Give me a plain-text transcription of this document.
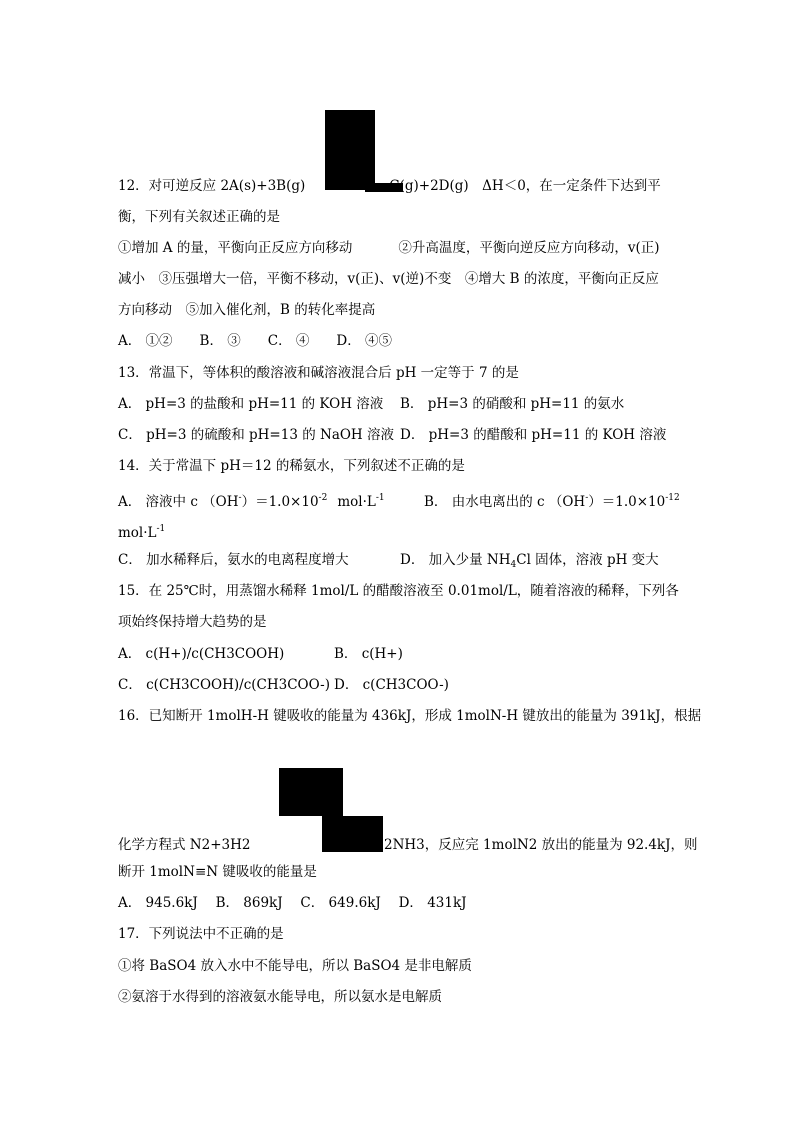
12．对可逆反应 2A(s)+3B(g)	C(g)+2D(g)　ΔH＜0，在一定条件下达到平
衡，下列有关叙述正确的是
①增加 A 的量，平衡向正反应方向移动	②升高温度，平衡向逆反应方向移动，v(正)
减小　③压强增大一倍，平衡不移动，v(正)、v(逆)不变　④增大 B 的浓度，平衡向正反应
方向移动　⑤加入催化剂，B 的转化率提高
A． ①②　　B． ③　　C． ④　　D． ④⑤
13．常温下，等体积的酸溶液和碱溶液混合后 pH 一定等于 7 的是
A． pH=3 的盐酸和 pH=11 的 KOH 溶液 B． pH=3 的硝酸和 pH=11 的氨水
C． pH=3 的硫酸和 pH=13 的 NaOH 溶液 D． pH=3 的醋酸和 pH=11 的 KOH 溶液
14．关于常温下 pH＝12 的稀氨水，下列叙述不正确的是
A． 溶液中 c $(OH^-)=1.0\times 10^{-2}$ $mol\cdot L^{-1}$	B． 由水电离出的 c $(OH^-)=1.0\times 10^{-12}$
$mol\cdot L^{-1}$
C． 加水稀释后，氨水的电离程度增大	D． 加入少量 $NH_4Cl$ 固体，溶液 pH 变大
15．在 25℃时，用蒸馏水稀释 1mol/L 的醋酸溶液至 0.01mol/L，随着溶液的稀释，下列各
项始终保持增大趋势的是
A． c(H+)/c(CH3COOH)	B． c(H+)
C． c(CH3COOH)/c(CH3COO-) D． c(CH3COO-)
16．已知断开 1molH-H 键吸收的能量为 436kJ，形成 1molN-H 键放出的能量为 391kJ，根据
化学方程式 N2+3H2	2NH3，反应完 1molN2 放出的能量为 92.4kJ，则
断开 1molN≡N 键吸收的能量是
A． 945.6kJ　 B． 869kJ　 C． 649.6kJ　 D． 431kJ
17．下列说法中不正确的是
①将 BaSO4 放入水中不能导电，所以 BaSO4 是非电解质
②氨溶于水得到的溶液氨水能导电，所以氨水是电解质
